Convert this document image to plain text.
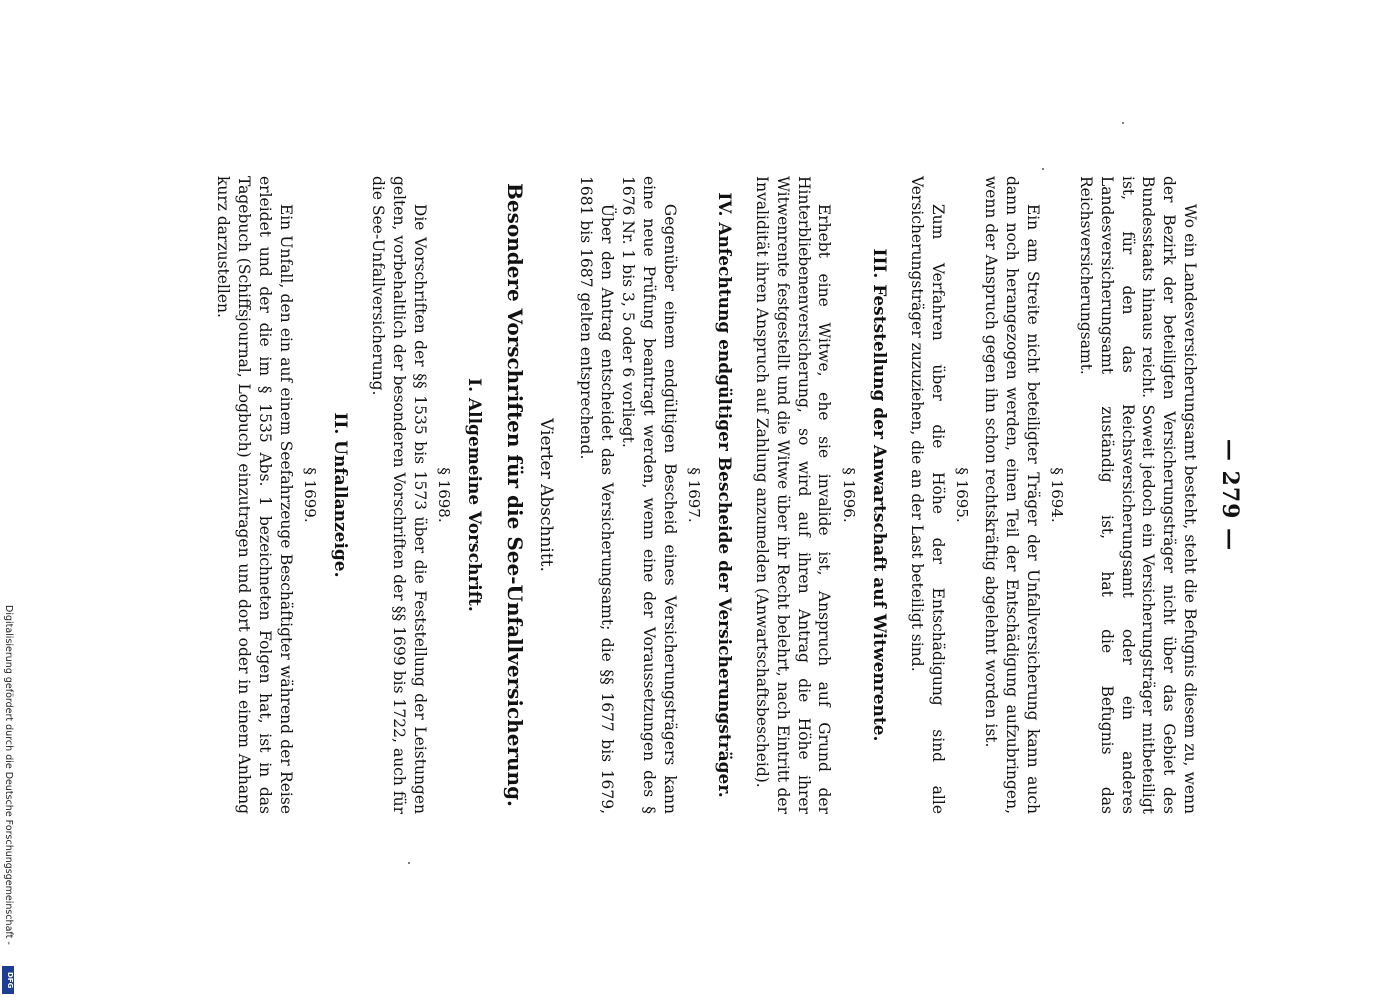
Digitalisierung gefördert durch die Deutsche Forschungsgemeinschaft -
DFG
— 279 —

Wo ein Landesversicherungsamt besteht, steht die Befugnis diesem zu, wenn der Bezirk der beteiligten Versicherungsträger nicht über das Gebiet des Bundesstaats hinaus reicht. Soweit jedoch ein Versicherungsträger mitbeteiligt ist, für den das Reichsversicherungsamt oder ein anderes Landesversicherungsamt zuständig ist, hat die Befugnis das Reichsversicherungsamt.

§ 1694.

Ein am Streite nicht beteiligter Träger der Unfallversicherung kann auch dann noch herangezogen werden, einen Teil der Entschädigung aufzubringen, wenn der Anspruch gegen ihn schon rechtskräftig abgelehnt worden ist.

§ 1695.

Zum Verfahren über die Höhe der Entschädigung sind alle Versicherungsträger zuzuziehen, die an der Last beteiligt sind.

III. Feststellung der Anwartschaft auf Witwenrente.
§ 1696.

Erhebt eine Witwe, ehe sie invalide ist, Anspruch auf Grund der Hinterbliebenenversicherung, so wird auf ihren Antrag die Höhe ihrer Witwenrente festgestellt und die Witwe über ihr Recht belehrt, nach Eintritt der Invalidität ihren Anspruch auf Zahlung anzumelden (Anwartschaftsbescheid).

IV. Anfechtung endgültiger Bescheide der Versicherungsträger.
§ 1697.

Gegenüber einem endgültigen Bescheid eines Versicherungsträgers kann eine neue Prüfung beantragt werden, wenn eine der Voraussetzungen des § 1676 Nr. 1 bis 3, 5 oder 6 vorliegt.

Über den Antrag entscheidet das Versicherungsamt; die §§ 1677 bis 1679, 1681 bis 1687 gelten entsprechend.

Vierter Abschnitt.
Besondere Vorschriften für die See-Unfallversicherung.
I. Allgemeine Vorschrift.
§ 1698.

Die Vorschriften der §§ 1535 bis 1573 über die Feststellung der Leistungen gelten, vorbehaltlich der besonderen Vorschriften der §§ 1699 bis 1722, auch für die See-Unfallversicherung.

II. Unfallanzeige.
§ 1699.

Ein Unfall, den ein auf einem Seefahrzeuge Beschäftigter während der Reise erleidet und der die im § 1535 Abs. 1 bezeichneten Folgen hat, ist in das Tagebuch (Schiffsjournal, Logbuch) einzutragen und dort oder in einem Anhang kurz darzustellen.
